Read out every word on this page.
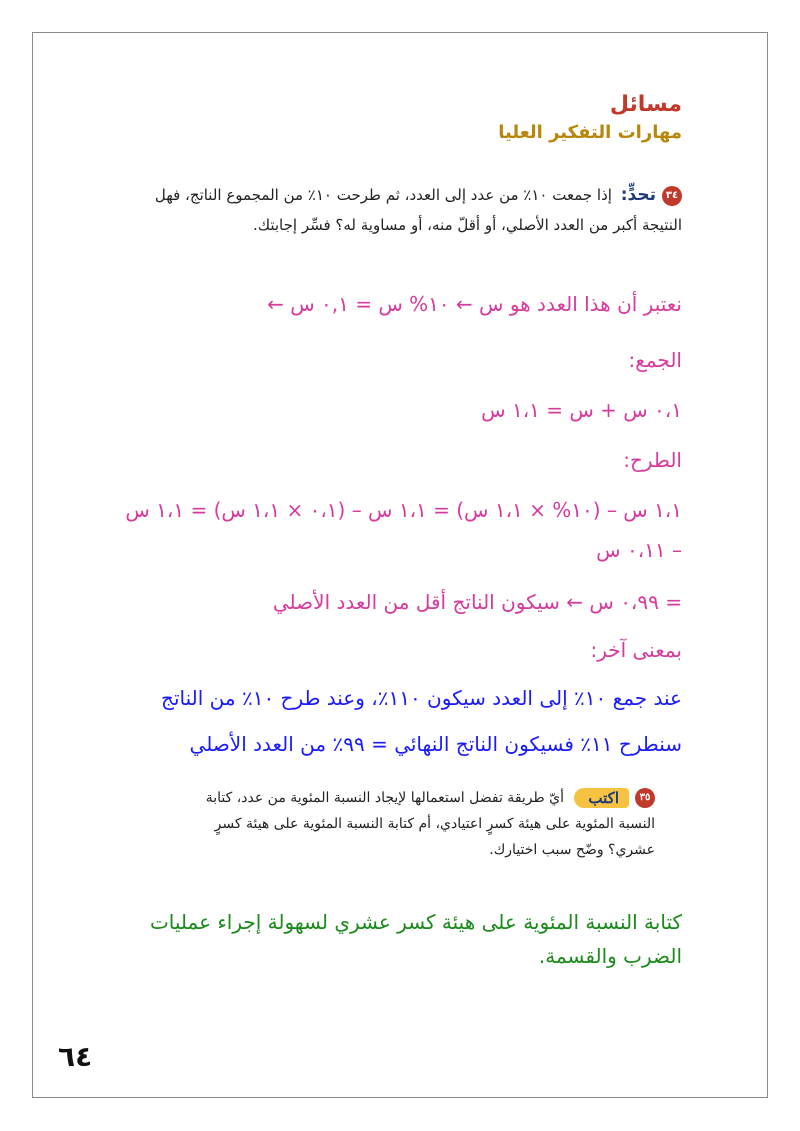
مسائل
مهارات التفكير العليا
٣٤تحدٍّ: إذا جمعت ١٠٪ من عدد إلى العدد، ثم طرحت ١٠٪ من المجموع الناتج، فهل النتيجة أكبر من العدد الأصلي، أو أقلّ منه، أو مساوية له؟ فسِّر إجابتك.
نعتبر أن هذا العدد هو س ← ١٠% س = ٠,١ س ←
الجمع:
٠،١ س + س = ١،١ س
الطرح:
١،١ س – (١٠% × ١،١ س) = ١،١ س – (٠،١ × ١،١ س) = ١،١ س
– ٠،١١ س
= ٠،٩٩ س ← سيكون الناتج أقل من العدد الأصلي
بمعنى آخر:
عند جمع ١٠٪ إلى العدد سيكون ١١٠٪، وعند طرح ١٠٪ من الناتج
سنطرح ١١٪ فسيكون الناتج النهائي = ٩٩٪ من العدد الأصلي
٣٥اكتب أيّ طريقة تفضل استعمالها لإيجاد النسبة المئوية من عدد، كتابة النسبة المئوية على هيئة كسرٍ اعتيادي، أم كتابة النسبة المئوية على هيئة كسرٍ عشري؟ وضّح سبب اختيارك.
كتابة النسبة المئوية على هيئة كسر عشري لسهولة إجراء عمليات الضرب والقسمة.
٦٤
